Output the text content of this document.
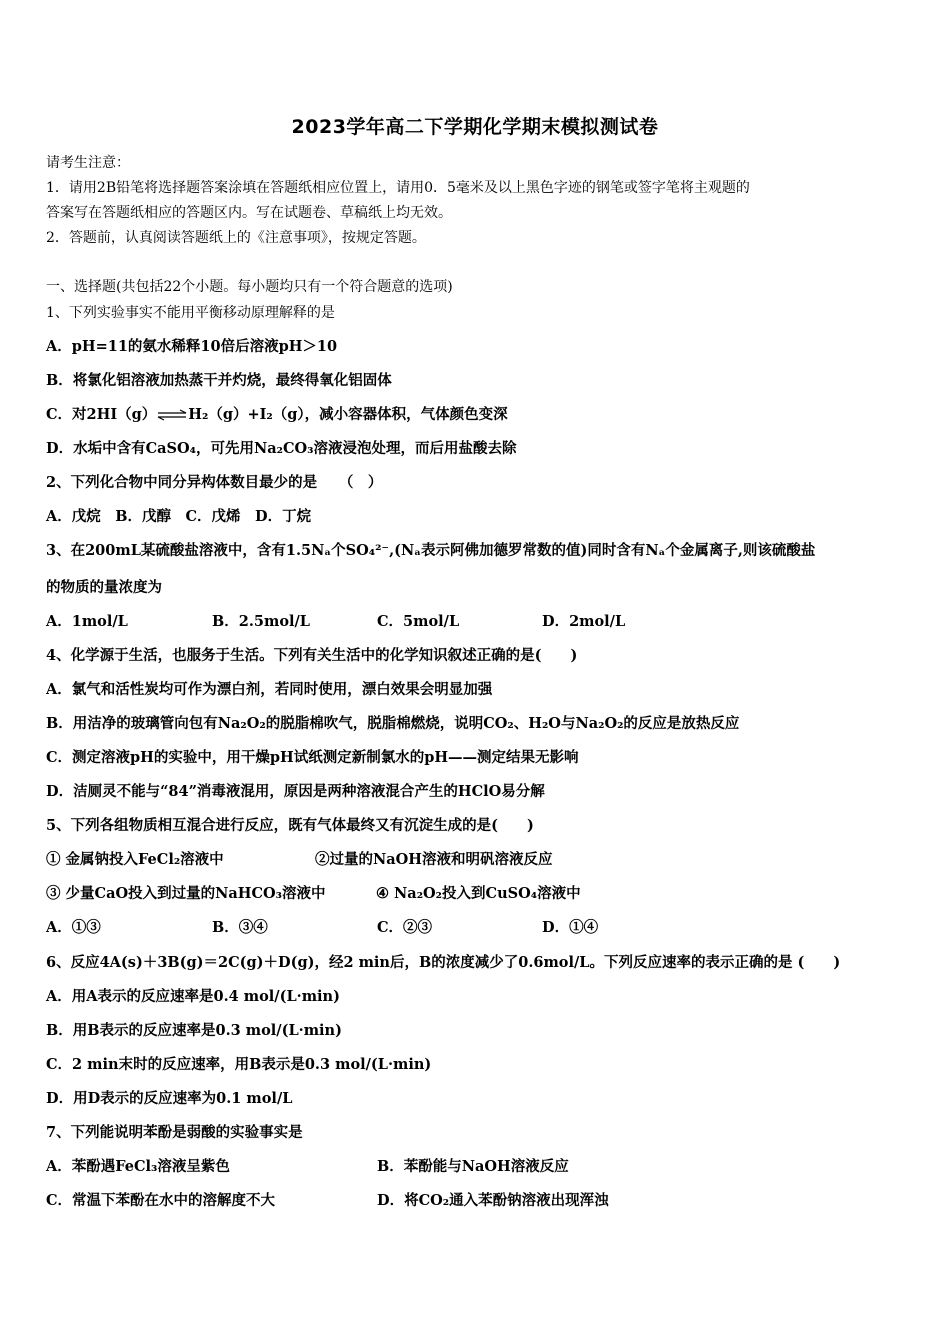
2023学年高二下学期化学期末模拟测试卷
请考生注意：
1．请用2B铅笔将选择题答案涂填在答题纸相应位置上，请用0．5毫米及以上黑色字迹的钢笔或签字笔将主观题的
答案写在答题纸相应的答题区内。写在试题卷、草稿纸上均无效。
2．答题前，认真阅读答题纸上的《注意事项》，按规定答题。
一、选择题(共包括22个小题。每小题均只有一个符合题意的选项)
1、下列实验事实不能用平衡移动原理解释的是
A．pH=11的氨水稀释10倍后溶液pH＞10
B．将氯化铝溶液加热蒸干并灼烧，最终得氧化铝固体
C．对2HI（g）⇌H₂（g）+I₂（g），减小容器体积，气体颜色变深
D．水垢中含有CaSO₄，可先用Na₂CO₃溶液浸泡处理，而后用盐酸去除
2、下列化合物中同分异构体数目最少的是　　（　）
A．戊烷　B．戊醇　C．戊烯　D．丁烷
3、在200mL某硫酸盐溶液中，含有1.5Nₐ个SO₄²⁻,(Nₐ表示阿佛加德罗常数的值)同时含有Nₐ个金属离子,则该硫酸盐
的物质的量浓度为
A．1mol/L	B．2.5mol/L	C．5mol/L	D．2mol/L
4、化学源于生活，也服务于生活。下列有关生活中的化学知识叙述正确的是(　　)
A．氯气和活性炭均可作为漂白剂，若同时使用，漂白效果会明显加强
B．用洁净的玻璃管向包有Na₂O₂的脱脂棉吹气，脱脂棉燃烧，说明CO₂、H₂O与Na₂O₂的反应是放热反应
C．测定溶液pH的实验中，用干燥pH试纸测定新制氯水的pH——测定结果无影响
D．洁厕灵不能与“84”消毒液混用，原因是两种溶液混合产生的HClO易分解
5、下列各组物质相互混合进行反应，既有气体最终又有沉淀生成的是(　　)
① 金属钠投入FeCl₂溶液中	②过量的NaOH溶液和明矾溶液反应
③ 少量CaO投入到过量的NaHCO₃溶液中	④ Na₂O₂投入到CuSO₄溶液中
A．①③	B．③④	C．②③	D．①④
6、反应4A(s)＋3B(g)＝2C(g)＋D(g)，经2 min后，B的浓度减少了0.6mol/L。下列反应速率的表示正确的是 (　　)
A．用A表示的反应速率是0.4 mol/(L·min)
B．用B表示的反应速率是0.3 mol/(L·min)
C．2 min末时的反应速率，用B表示是0.3 mol/(L·min)
D．用D表示的反应速率为0.1 mol/L
7、下列能说明苯酚是弱酸的实验事实是
A．苯酚遇FeCl₃溶液呈紫色	B．苯酚能与NaOH溶液反应
C．常温下苯酚在水中的溶解度不大	D．将CO₂通入苯酚钠溶液出现浑浊
